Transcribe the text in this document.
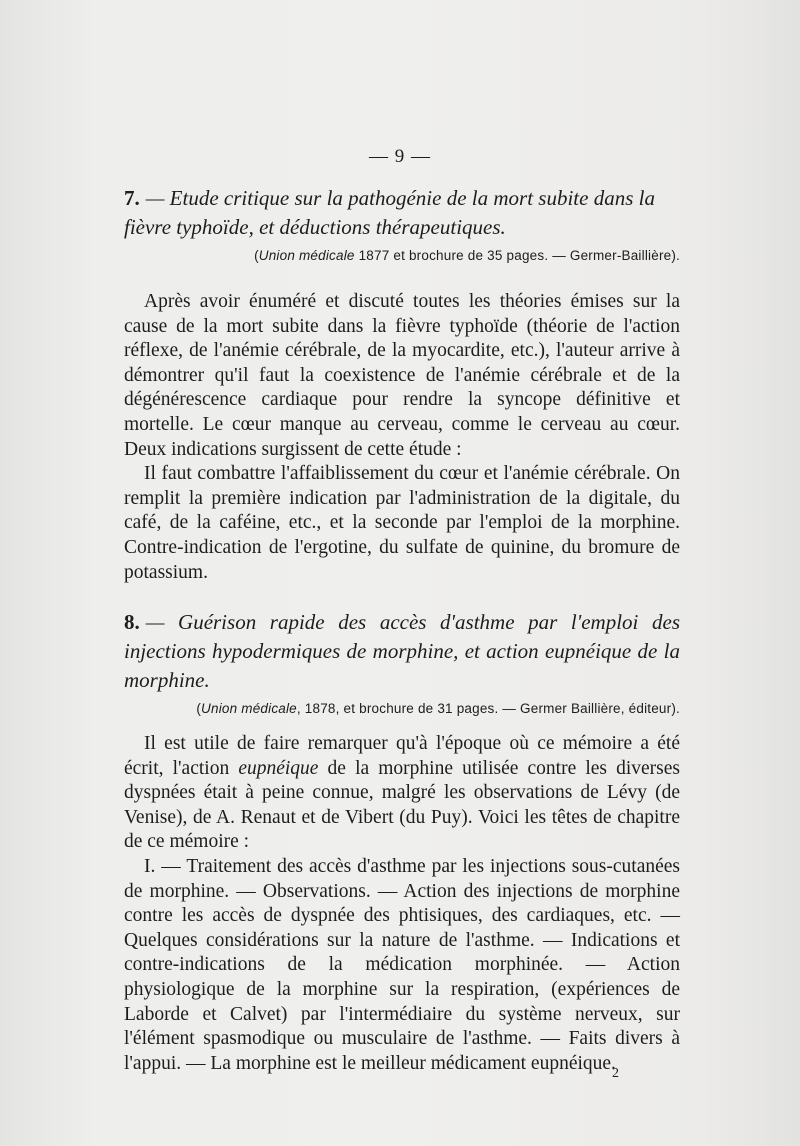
— 9 —

7. — Etude critique sur la pathogénie de la mort subite dans la
fièvre typhoïde, et déductions thérapeutiques.

(Union médicale 1877 et brochure de 35 pages. — Germer-Baillière).

Après avoir énuméré et discuté toutes les théories émises sur la cause de la mort subite dans la fièvre typhoïde (théorie de l'action réflexe, de l'anémie cérébrale, de la myocardite, etc.), l'auteur arrive à démontrer qu'il faut la coexistence de l'anémie cérébrale et de la dégénérescence cardiaque pour rendre la syncope définitive et mortelle. Le cœur manque au cerveau, comme le cerveau au cœur. Deux indications surgissent de cette étude :

Il faut combattre l'affaiblissement du cœur et l'anémie cérébrale. On remplit la première indication par l'administration de la digitale, du café, de la caféine, etc., et la seconde par l'emploi de la morphine. Contre-indication de l'ergotine, du sulfate de quinine, du bromure de potassium.

8. — Guérison rapide des accès d'asthme par l'emploi des injections hypodermiques de morphine, et action eupnéique de la morphine.

(Union médicale, 1878, et brochure de 31 pages. — Germer Baillière, éditeur).

Il est utile de faire remarquer qu'à l'époque où ce mémoire a été écrit, l'action eupnéique de la morphine utilisée contre les diverses dyspnées était à peine connue, malgré les observations de Lévy (de Venise), de A. Renaut et de Vibert (du Puy). Voici les têtes de chapitre de ce mémoire :

I. — Traitement des accès d'asthme par les injections sous-cutanées de morphine. — Observations. — Action des injections de morphine contre les accès de dyspnée des phtisiques, des cardiaques, etc. — Quelques considérations sur la nature de l'asthme. — Indications et contre-indications de la médication morphinée. — Action physiologique de la morphine sur la respiration, (expériences de Laborde et Calvet) par l'intermédiaire du système nerveux, sur l'élément spasmodique ou musculaire de l'asthme. — Faits divers à l'appui. — La morphine est le meilleur médicament eupnéique.

2
